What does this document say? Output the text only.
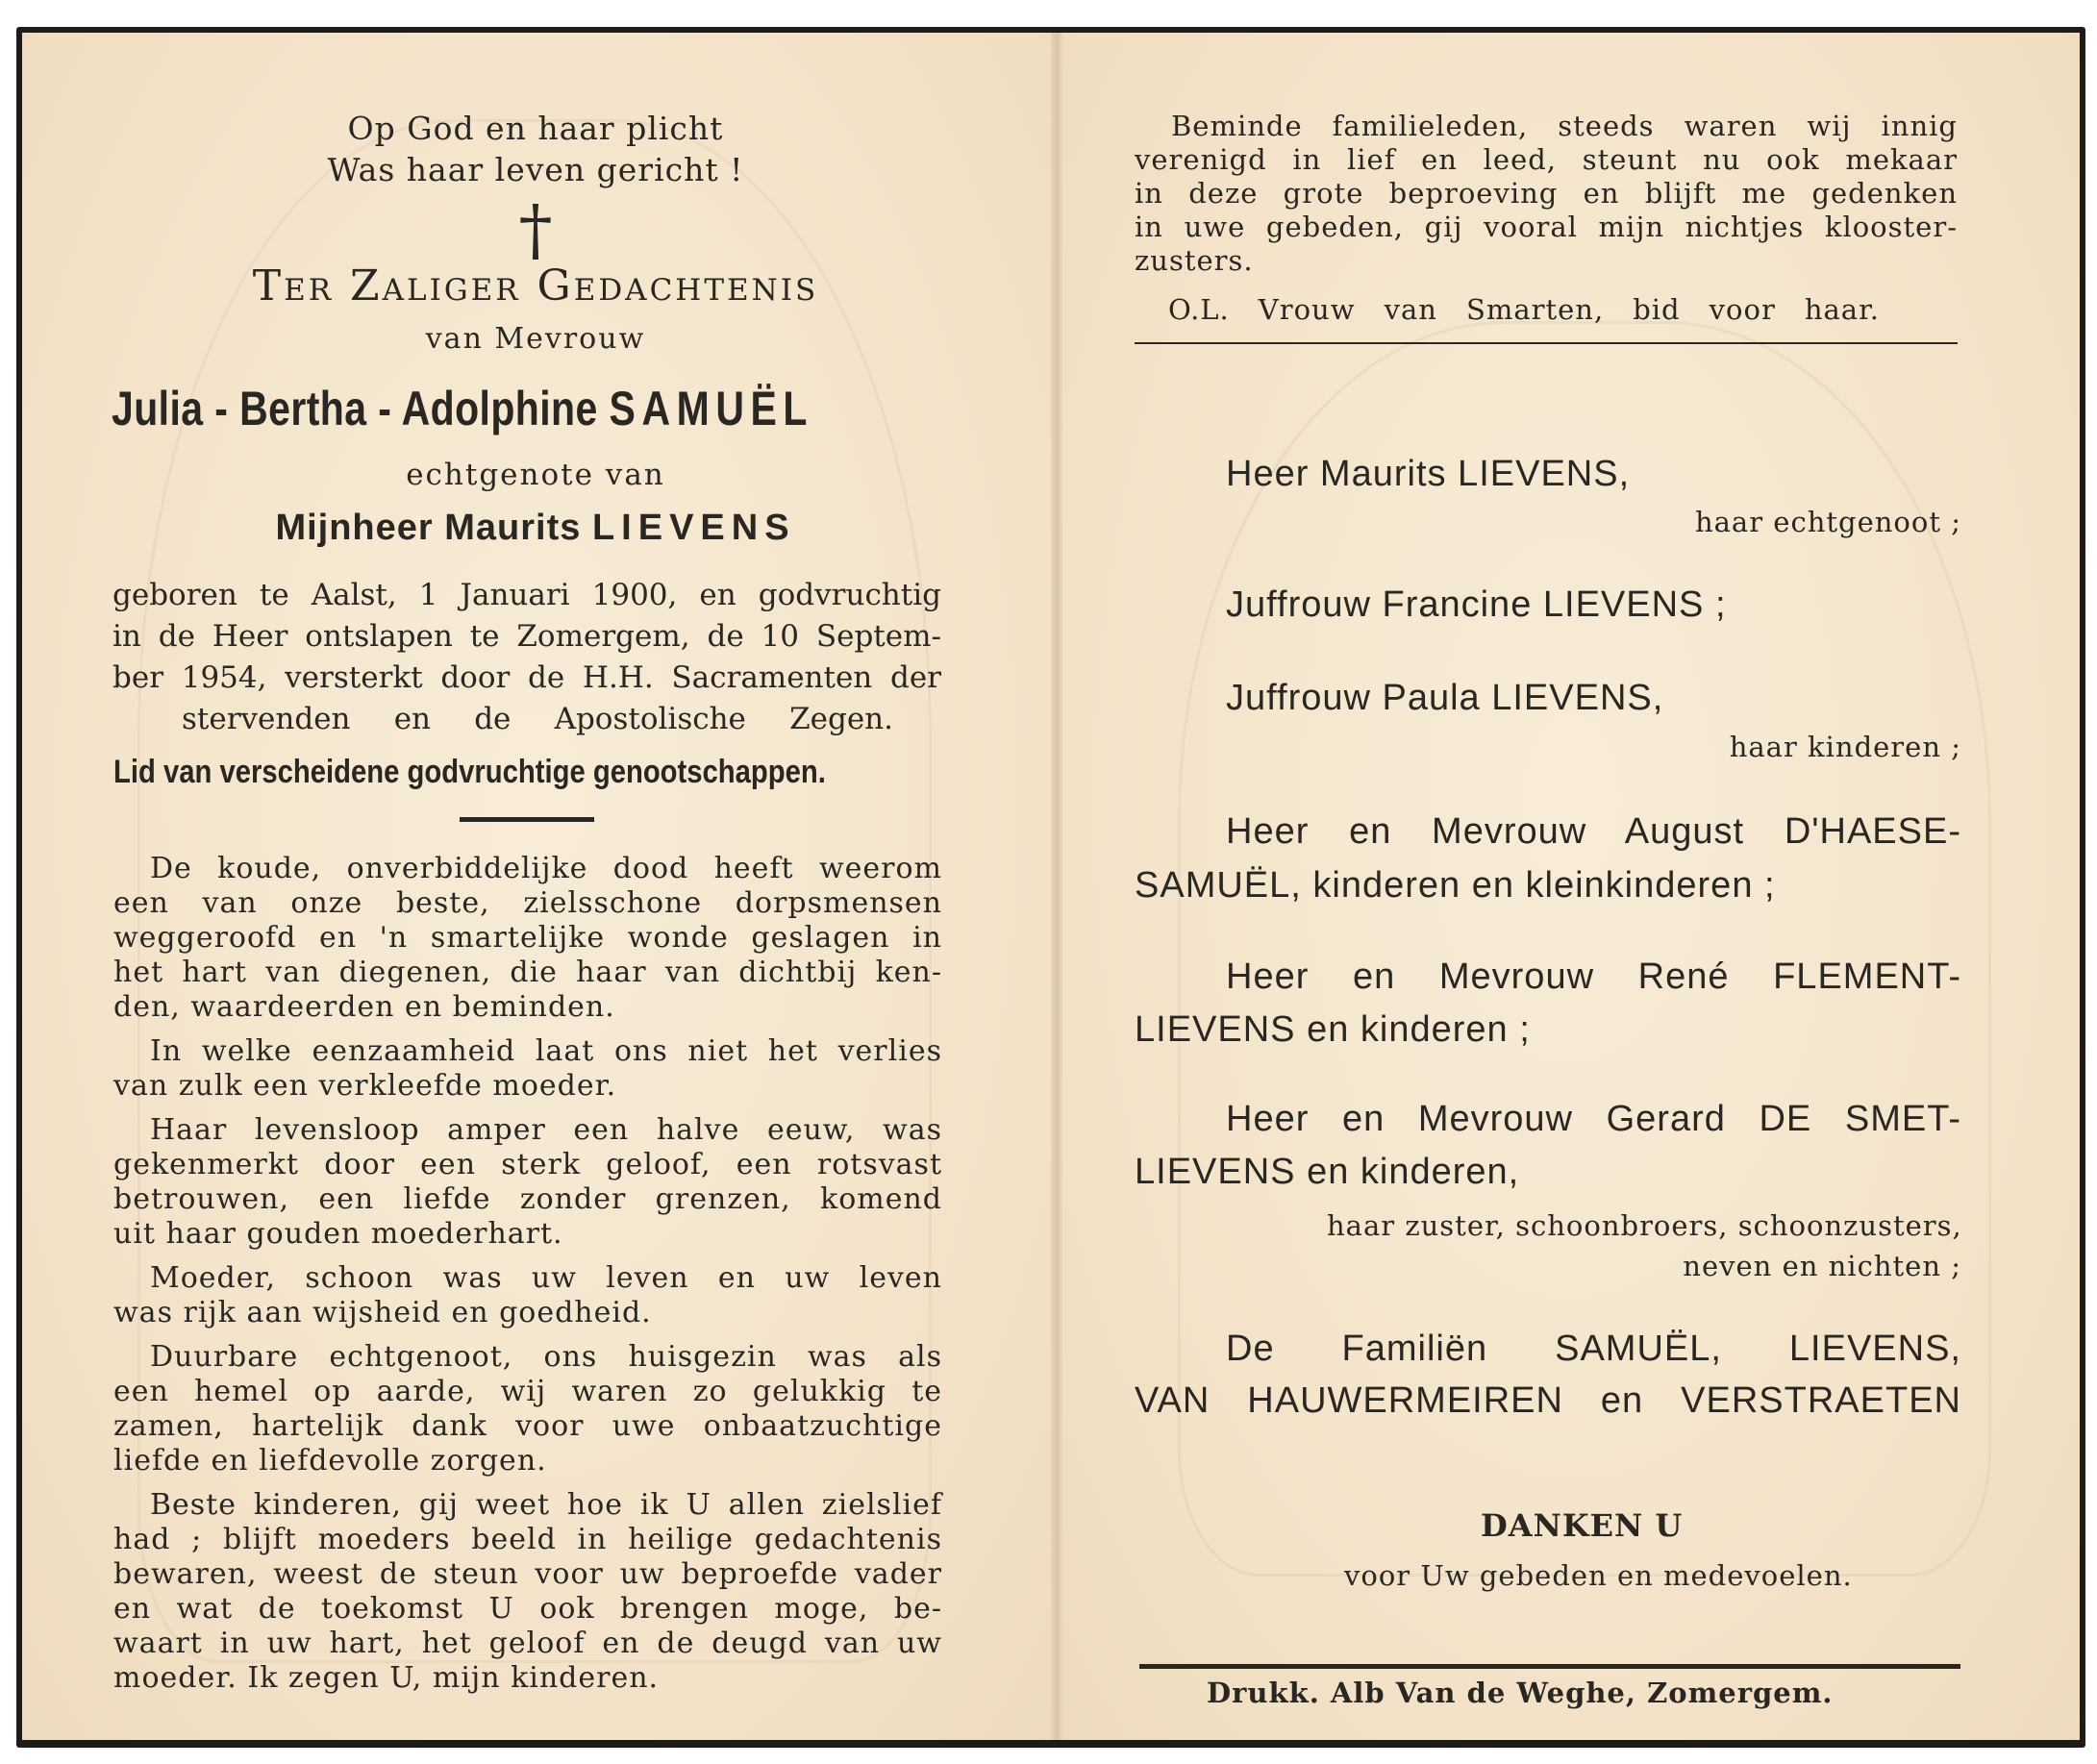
Op God en haar plicht
Was haar leven gericht !
†
Ter Zaliger Gedachtenis
van Mevrouw
Julia - Bertha - Adolphine SAMUËL
echtgenote van
Mijnheer Maurits LIEVENS
geboren te Aalst, 1 Januari 1900, en godvruchtig
in de Heer ontslapen te Zomergem, de 10 Septem-
ber 1954, versterkt door de H.H. Sacramenten der
stervenden en de Apostolische Zegen.
Lid van verscheidene godvruchtige genootschappen.

De koude, onverbiddelijke dood heeft weerom
een van onze beste, zielsschone dorpsmensen
weggeroofd en 'n smartelijke wonde geslagen in
het hart van diegenen, die haar van dichtbij ken-
den, waardeerden en beminden.

In welke eenzaamheid laat ons niet het verlies
van zulk een verkleefde moeder.

Haar levensloop amper een halve eeuw, was
gekenmerkt door een sterk geloof, een rotsvast
betrouwen, een liefde zonder grenzen, komend
uit haar gouden moederhart.

Moeder, schoon was uw leven en uw leven
was rijk aan wijsheid en goedheid.

Duurbare echtgenoot, ons huisgezin was als
een hemel op aarde, wij waren zo gelukkig te
zamen, hartelijk dank voor uwe onbaatzuchtige
liefde en liefdevolle zorgen.

Beste kinderen, gij weet hoe ik U allen zielslief
had ; blijft moeders beeld in heilige gedachtenis
bewaren, weest de steun voor uw beproefde vader
en wat de toekomst U ook brengen moge, be-
waart in uw hart, het geloof en de deugd van uw
moeder. Ik zegen U, mijn kinderen.

Beminde familieleden, steeds waren wij innig
verenigd in lief en leed, steunt nu ook mekaar
in deze grote beproeving en blijft me gedenken
in uwe gebeden, gij vooral mijn nichtjes klooster-
zusters.
O.L. Vrouw van Smarten, bid voor haar.
Heer Maurits LIEVENS,
haar echtgenoot ;
Juffrouw Francine LIEVENS ;
Juffrouw Paula LIEVENS,
haar kinderen ;
Heer en Mevrouw August D'HAESE-
SAMUËL, kinderen en kleinkinderen ;
Heer en Mevrouw René FLEMENT-
LIEVENS en kinderen ;
Heer en Mevrouw Gerard DE SMET-
LIEVENS en kinderen,
haar zuster, schoonbroers, schoonzusters,
neven en nichten ;
De Familiën SAMUËL, LIEVENS,
VAN HAUWERMEIREN en VERSTRAETEN
DANKEN U
voor Uw gebeden en medevoelen.
Drukk. Alb Van de Weghe, Zomergem.
